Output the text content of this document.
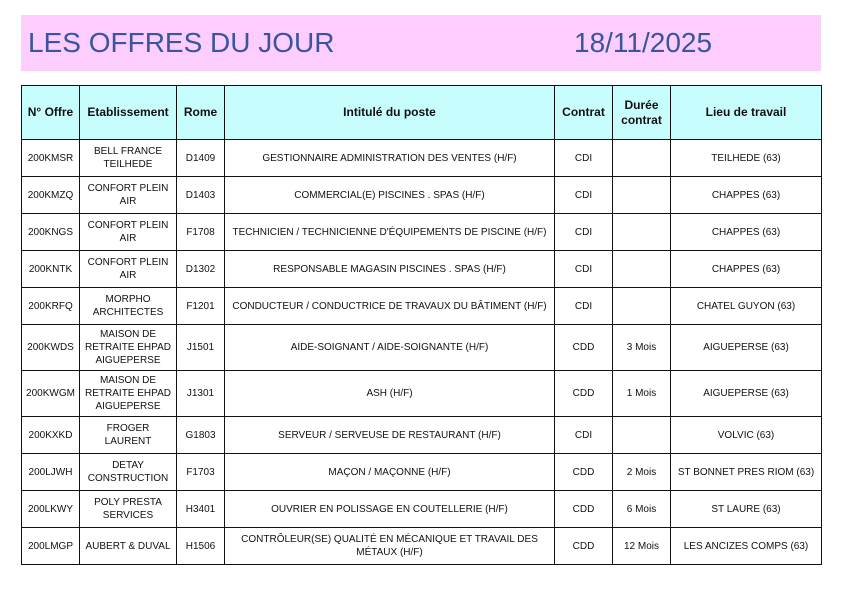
LES OFFRES DU JOUR	18/11/2025
N° Offre	Etablissement	Rome	Intitulé du poste	Contrat	Durée contrat	Lieu de travail
200KMSR	BELL FRANCE TEILHEDE	D1409	GESTIONNAIRE ADMINISTRATION DES VENTES (H/F)	CDI		TEILHEDE (63)
200KMZQ	CONFORT PLEIN AIR	D1403	COMMERCIAL(E) PISCINES . SPAS (H/F)	CDI		CHAPPES (63)
200KNGS	CONFORT PLEIN AIR	F1708	TECHNICIEN / TECHNICIENNE D'ÉQUIPEMENTS DE PISCINE (H/F)	CDI		CHAPPES (63)
200KNTK	CONFORT PLEIN AIR	D1302	RESPONSABLE MAGASIN PISCINES . SPAS (H/F)	CDI		CHAPPES (63)
200KRFQ	MORPHO ARCHITECTES	F1201	CONDUCTEUR / CONDUCTRICE DE TRAVAUX DU BÂTIMENT (H/F)	CDI		CHATEL GUYON (63)
200KWDS	MAISON DE RETRAITE EHPAD AIGUEPERSE	J1501	AIDE-SOIGNANT / AIDE-SOIGNANTE (H/F)	CDD	3 Mois	AIGUEPERSE (63)
200KWGM	MAISON DE RETRAITE EHPAD AIGUEPERSE	J1301	ASH (H/F)	CDD	1 Mois	AIGUEPERSE (63)
200KXKD	FROGER LAURENT	G1803	SERVEUR / SERVEUSE DE RESTAURANT (H/F)	CDI		VOLVIC (63)
200LJWH	DETAY CONSTRUCTION	F1703	MAÇON / MAÇONNE (H/F)	CDD	2 Mois	ST BONNET PRES RIOM (63)
200LKWY	POLY PRESTA SERVICES	H3401	OUVRIER EN POLISSAGE EN COUTELLERIE (H/F)	CDD	6 Mois	ST LAURE (63)
200LMGP	AUBERT & DUVAL	H1506	CONTRÔLEUR(SE) QUALITÉ EN MÉCANIQUE ET TRAVAIL DES MÉTAUX (H/F)	CDD	12 Mois	LES ANCIZES COMPS (63)
